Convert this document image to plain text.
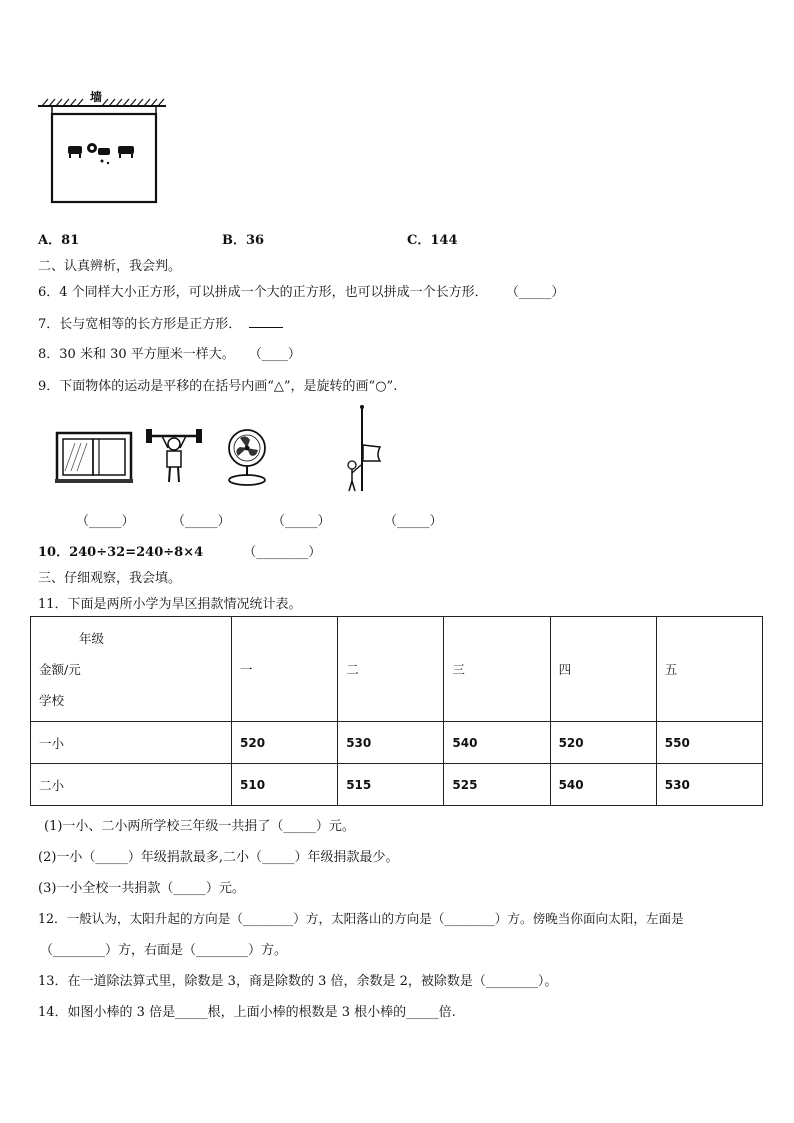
墙
A．81	B．36	C．144
二、认真辨析，我会判。
6．4 个同样大小正方形，可以拼成一个大的正方形，也可以拼成一个长方形． （_____）
7．长与宽相等的长方形是正方形．
8．30 米和 30 平方厘米一样大。 （____）
9．下面物体的运动是平移的在括号内画“△”，是旋转的画“○”.
（_____）	（_____）	（_____）	（_____）
10．240÷32=240÷8×4	（________）
三、仔细观察，我会填。
11．下面是两所小学为旱区捐款情况统计表。
年级
金额/元
学校	一	二	三	四	五
一小	520	530	540	520	550
二小	510	515	525	540	530
(1)一小、二小两所学校三年级一共捐了（_____）元。
(2)一小（_____）年级捐款最多,二小（_____）年级捐款最少。
(3)一小全校一共捐款（_____）元。
12．一般认为，太阳升起的方向是（________）方，太阳落山的方向是（________）方。傍晚当你面向太阳，左面是
（________）方，右面是（________）方。
13．在一道除法算式里，除数是 3，商是除数的 3 倍，余数是 2，被除数是（________）。
14．如图小棒的 3 倍是_____根，上面小棒的根数是 3 根小棒的_____倍.
